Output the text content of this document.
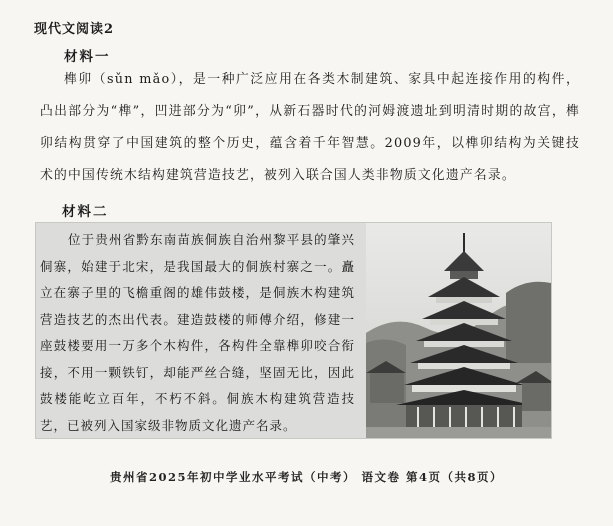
现代文阅读2
材料一
榫卯（sǔn mǎo），是一种广泛应用在各类木制建筑、家具中起连接作用的构件，凸出部分为“榫”，凹进部分为“卯”，从新石器时代的河姆渡遗址到明清时期的故宫，榫卯结构贯穿了中国建筑的整个历史，蕴含着千年智慧。2009年，以榫卯结构为关键技术的中国传统木结构建筑营造技艺，被列入联合国人类非物质文化遗产名录。
材料二
位于贵州省黔东南苗族侗族自治州黎平县的肇兴侗寨，始建于北宋，是我国最大的侗族村寨之一。矗立在寨子里的飞檐重阁的雄伟鼓楼，是侗族木构建筑营造技艺的杰出代表。建造鼓楼的师傅介绍，修建一座鼓楼要用一万多个木构件，各构件全靠榫卯咬合衔接，不用一颗铁钉，却能严丝合缝，坚固无比，因此鼓楼能屹立百年，不朽不斜。侗族木构建筑营造技艺，已被列入国家级非物质文化遗产名录。
贵州省2025年初中学业水平考试（中考） 语文卷 第4页（共8页）
